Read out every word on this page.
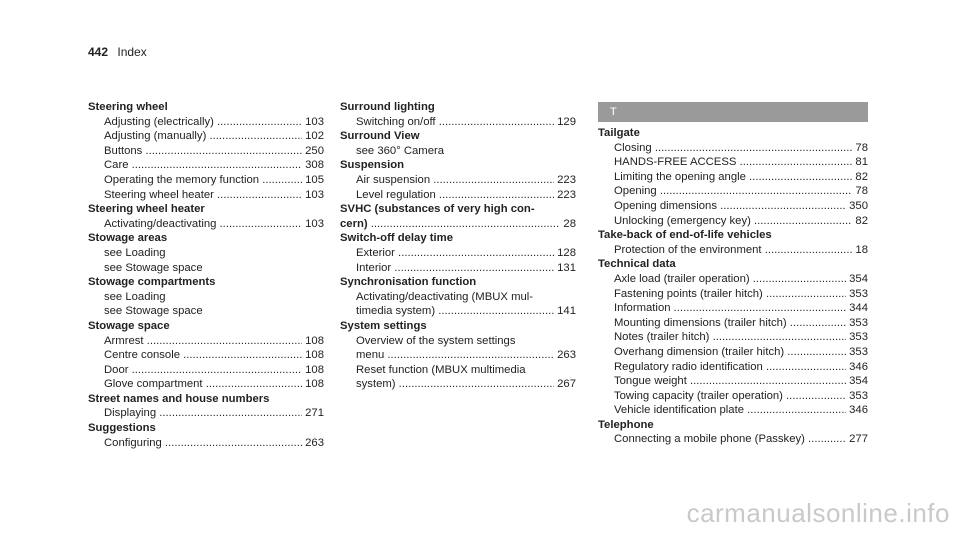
442 Index
Steering wheel
Adjusting (electrically) .....	103
Adjusting (manually) .....	102
Buttons .....	250
Care .....	308
Operating the memory function .....	105
Steering wheel heater .....	103
Steering wheel heater
Activating/deactivating .....	103
Stowage areas
see Loading
see Stowage space
Stowage compartments
see Loading
see Stowage space
Stowage space
Armrest .....	108
Centre console .....	108
Door .....	108
Glove compartment .....	108
Street names and house numbers
Displaying .....	271
Suggestions
Configuring .....	263
Surround lighting
Switching on/off .....	129
Surround View
see 360° Camera
Suspension
Air suspension .....	223
Level regulation .....	223
SVHC (substances of very high con-
cern) .....	28
Switch-off delay time
Exterior .....	128
Interior .....	131
Synchronisation function
Activating/deactivating (MBUX mul-
timedia system) .....	141
System settings
Overview of the system settings
menu .....	263
Reset function (MBUX multimedia
system) .....	267
T
Tailgate
Closing .....	78
HANDS-FREE ACCESS .....	81
Limiting the opening angle .....	82
Opening .....	78
Opening dimensions .....	350
Unlocking (emergency key) .....	82
Take-back of end-of-life vehicles
Protection of the environment .....	18
Technical data
Axle load (trailer operation) .....	354
Fastening points (trailer hitch) .....	353
Information .....	344
Mounting dimensions (trailer hitch) .....	353
Notes (trailer hitch) .....	353
Overhang dimension (trailer hitch) .....	353
Regulatory radio identification .....	346
Tongue weight .....	354
Towing capacity (trailer operation) .....	353
Vehicle identification plate .....	346
Telephone
Connecting a mobile phone (Passkey) .....	277
carmanualsonline.info
